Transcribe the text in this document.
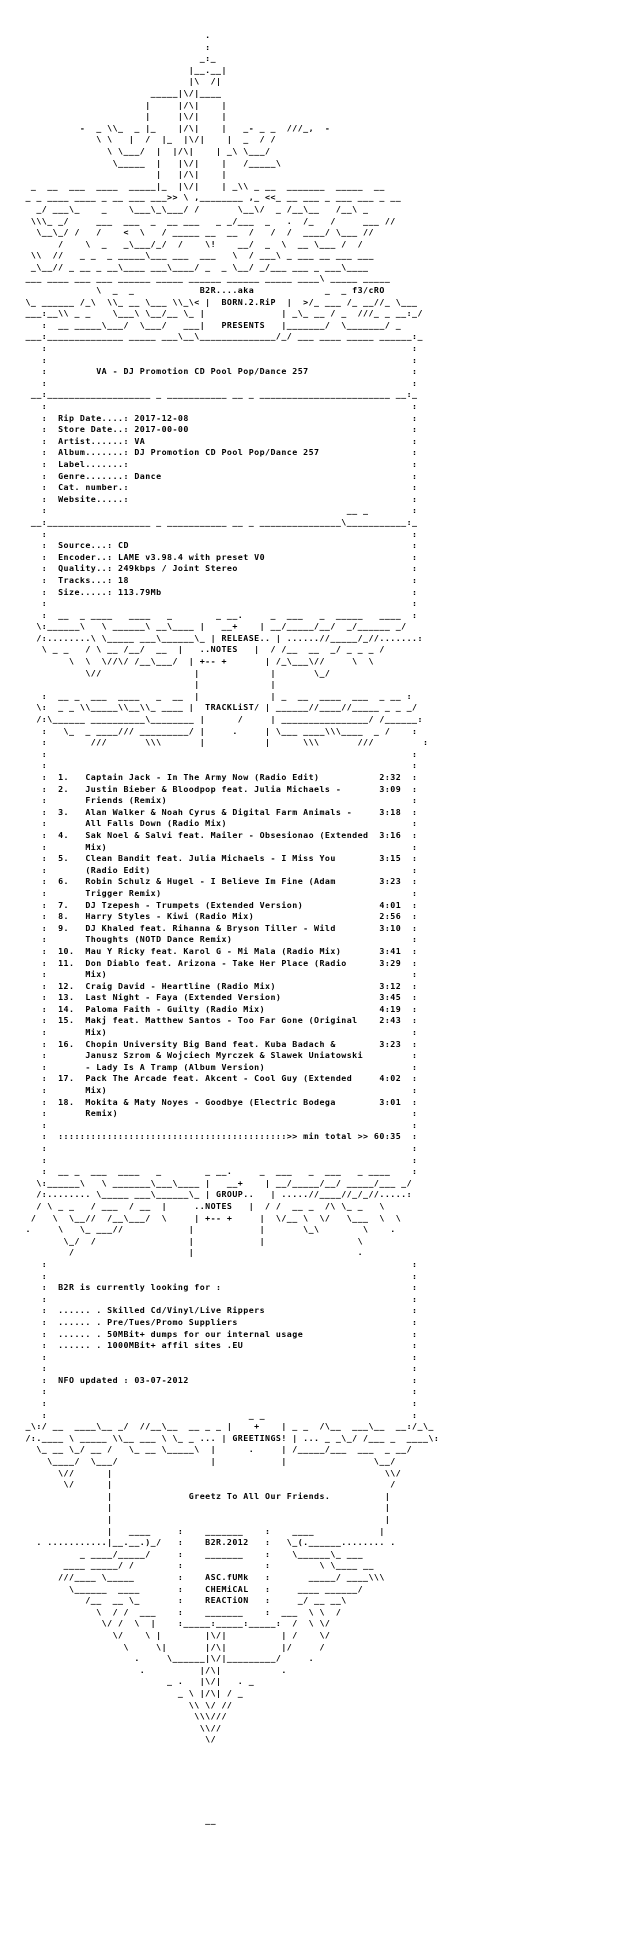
.
:
_:_
|__.__|
|\  /|
_____|\/|____
|     |/\|    |
|     |\/|    |
-  _ \\_  _ |_    |/\|    |   _- _ _  ///_,  -
\ \   |  /  |_  |\/|    |  _  / /
\ \___/  |  |/\|    | _\ \___/
\_____  |   |\/|    |   /_____\
|   |/\|    |
_  __  ___  ____  _____|_  |\/|    | _\\ _ __  _______  _____  __
_ _ ____ ____ _ __ ___ ___>> \ ,________ ,_ <<_ __ ___ _ ___ ___ _ __
_/ ___\_    _    \___\_\___/ /       \__\/  _ /__\__   /__\ _
\\\_ _/     ___  ___  _  __ ___   _ _/___  _   .  /_   /     ___ //
\__\_/ /   /    <  \   / _____ __  __  /   /  /  ____/ \___ //
/    \  _   _\___/_/  /    \!    __/  _  \  __ \___ /  /
\\  //   _ _  _ _____\___ ___  ___   \  / ___\ _ ___ __ ___ ___
_\__// _ __ _ __\____ ___\____/ _  _ \__/ _/___ ___ _ ___\____
___ ____ ___ ___ ______ _____ ______ ______ _____ ____\ _____ _____
\  _  _            B2R....aka             _  _ f3/cRO
\_ ______ /_\  \\_ __ \___ \\_\< |  BORN.2.RiP  |  >/_ ___ /_ __//_ \___
___:__\\ _ _    \___\ \__/__ \_ |              | _\_ __ / _  ///_ _ __:_/
:  __ _____\___/  \___/   ___|   PRESENTS   |_______/  \_______/ _
___:______________ _____ ___\__\______________/_/ ___ ____ _____ ______:_
:                                                                   :
:                                                                   :
:         VA - DJ Promotion CD Pool Pop/Dance 257                   :
:                                                                   :
__:___________________ _ ___________ __ _ ________________________ __:_
:                                                                   :
:  Rip Date....: 2017-12-08                                         :
:  Store Date..: 2017-00-00                                         :
:  Artist......: VA                                                 :
:  Album.......: DJ Promotion CD Pool Pop/Dance 257                 :
:  Label.......:                                                    :
:  Genre.......: Dance                                              :
:  Cat. number.:                                                    :
:  Website.....:                                                    :
:                                                       __ _        :
__:___________________ _ ___________ __ _ _______________\___________:_
:                                                                   :
:  Source...: CD                                                    :
:  Encoder..: LAME v3.98.4 with preset V0                           :
:  Quality..: 249kbps / Joint Stereo                                :
:  Tracks...: 18                                                    :
:  Size.....: 113.79Mb                                              :
:                                                                   :
:  __  _ ____   ____   _        _ __.     _  ___   _  _____   ____  :
\:______\   \ ______\ __\____ |   __+    | __/_____/__/  _/______ _/
/:........\ \_____ ___\______\_ | RELEASE.. | ......//_____/_//.......:
\ _ _   / \ __ /__/  __  |   ..NOTES   |  / /__  __  _/ _ _ _ /
\  \  \//\/ /__\___/  | +-- +       | /_\___\//     \  \
\//                 |             |       \_/
|             |
:  __ _  ___  ____   _  __  |             | _  __  ____  ___  _ __ :
\:  _ _ \\_____\\__\\_ ____ |  TRACKLiST/ | ______//____//_____ _ _ _/
/:\______ __________\________ |      /     | ________________/ /______:
:   \_  _ ____/// _________/ |     .     | \___ ____\\\____  _ /    :
:        ///       \\\       |           |      \\\       ///         :
:                                                                   :
:                                                                   :
:  1.   Captain Jack - In The Army Now (Radio Edit)           2:32  :
:  2.   Justin Bieber & Bloodpop feat. Julia Michaels -       3:09  :
:       Friends (Remix)                                             :
:  3.   Alan Walker & Noah Cyrus & Digital Farm Animals -     3:18  :
:       All Falls Down (Radio Mix)                                  :
:  4.   Sak Noel & Salvi feat. Mailer - Obsesionao (Extended  3:16  :
:       Mix)                                                        :
:  5.   Clean Bandit feat. Julia Michaels - I Miss You        3:15  :
:       (Radio Edit)                                                :
:  6.   Robin Schulz & Hugel - I Believe Im Fine (Adam        3:23  :
:       Trigger Remix)                                              :
:  7.   DJ Tzepesh - Trumpets (Extended Version)              4:01  :
:  8.   Harry Styles - Kiwi (Radio Mix)                       2:56  :
:  9.   DJ Khaled feat. Rihanna & Bryson Tiller - Wild        3:10  :
:       Thoughts (NOTD Dance Remix)                                 :
:  10.  Mau Y Ricky feat. Karol G - Mi Mala (Radio Mix)       3:41  :
:  11.  Don Diablo feat. Arizona - Take Her Place (Radio      3:29  :
:       Mix)                                                        :
:  12.  Craig David - Heartline (Radio Mix)                   3:12  :
:  13.  Last Night - Faya (Extended Version)                  3:45  :
:  14.  Paloma Faith - Guilty (Radio Mix)                     4:19  :
:  15.  Makj feat. Matthew Santos - Too Far Gone (Original    2:43  :
:       Mix)                                                        :
:  16.  Chopin University Big Band feat. Kuba Badach &        3:23  :
:       Janusz Szrom & Wojciech Myrczek & Slawek Uniatowski         :
:       - Lady Is A Tramp (Album Version)                           :
:  17.  Pack The Arcade feat. Akcent - Cool Guy (Extended     4:02  :
:       Mix)                                                        :
:  18.  Mokita & Maty Noyes - Goodbye (Electric Bodega        3:01  :
:       Remix)                                                      :
:                                                                   :
:  ::::::::::::::::::::::::::::::::::::::::::>> min total >> 60:35  :
:                                                                   :
:                                                                   :
:  __ _  ___  ____   _        _ __.     _  ___   _  ___   _ ____    :
\:______\   \ _______\___\____ |   __+    | __/_____/__/ _____/___ _/
/:........ \_____ ___\______\_ | GROUP..   | .....//____//_/_//.....:
/ \ _ _   / ___  / __  |     ..NOTES   |  / /  __ _  /\ \_ _   \
/   \  \__//  /__\___/  \     | +-- +     |  \/__ \  \/   \___  \  \
.     \   \_ ___//            |            |       \_\        \    .
\_/  /                 |            |                 \
/                     |                              .
:                                                                   :
:                                                                   :
:  B2R is currently looking for :                                   :
:                                                                   :
:  ...... . Skilled Cd/Vinyl/Live Rippers                           :
:  ...... . Pre/Tues/Promo Suppliers                                :
:  ...... . 50MBit+ dumps for our internal usage                    :
:  ...... . 1000MBit+ affil sites .EU                               :
:                                                                   :
:                                                                   :
:  NFO updated : 03-07-2012                                         :
:                                                                   :
:                                                                   :
:                                     _ _                           :
_\:/ __  ____\__ _/  //__\__  __ _ _ |    +    | _ _  /\__  ___\__  __:/_\_
/:.____ \ _____ \\__ ___ \ \_ _ ... | GREETINGS! | ... _ _\_/ /___ _  ____\:
\_ __ \_/ __ /   \_ __ \_____\  |      .     | /_____/___  ___  _ __/
\____/  \___/                 |            |                \__/
\//      |                                                  \\/
\/      |                                                   /
|              Greetz To All Our Friends.          |
|                                                  |
|                                                  |
|   ____     :    _______    :    ____            |
. ...........|__.__.)_/   :    B2R.2012   :   \_(.______........ .
_ ____/_____/     :    _______    :    \______\_ ___
____ _____/ /        :               :         \ \____ __
///____ \_____        :    ASC.fUMk   :       _____/ ____\\\
\______  ____       :    CHEMiCAL   :     ____ ______/
/__  __ \_       :    REACTiON   :     _/ __ __\
\  / /  ___    :    _______    :  ___  \ \  /
\/ /  \  |    :_____:_____:_____:  /  \ \/
\/    \ |        |\/|          | /    \/
\     \|       |/\|          |/     /
.     \______|\/|_________/     .
.          |/\|           .
_ .   |\/|   . _
_ \ |/\| / _
\\ \/ //
\\\///
\\//
\/

__
